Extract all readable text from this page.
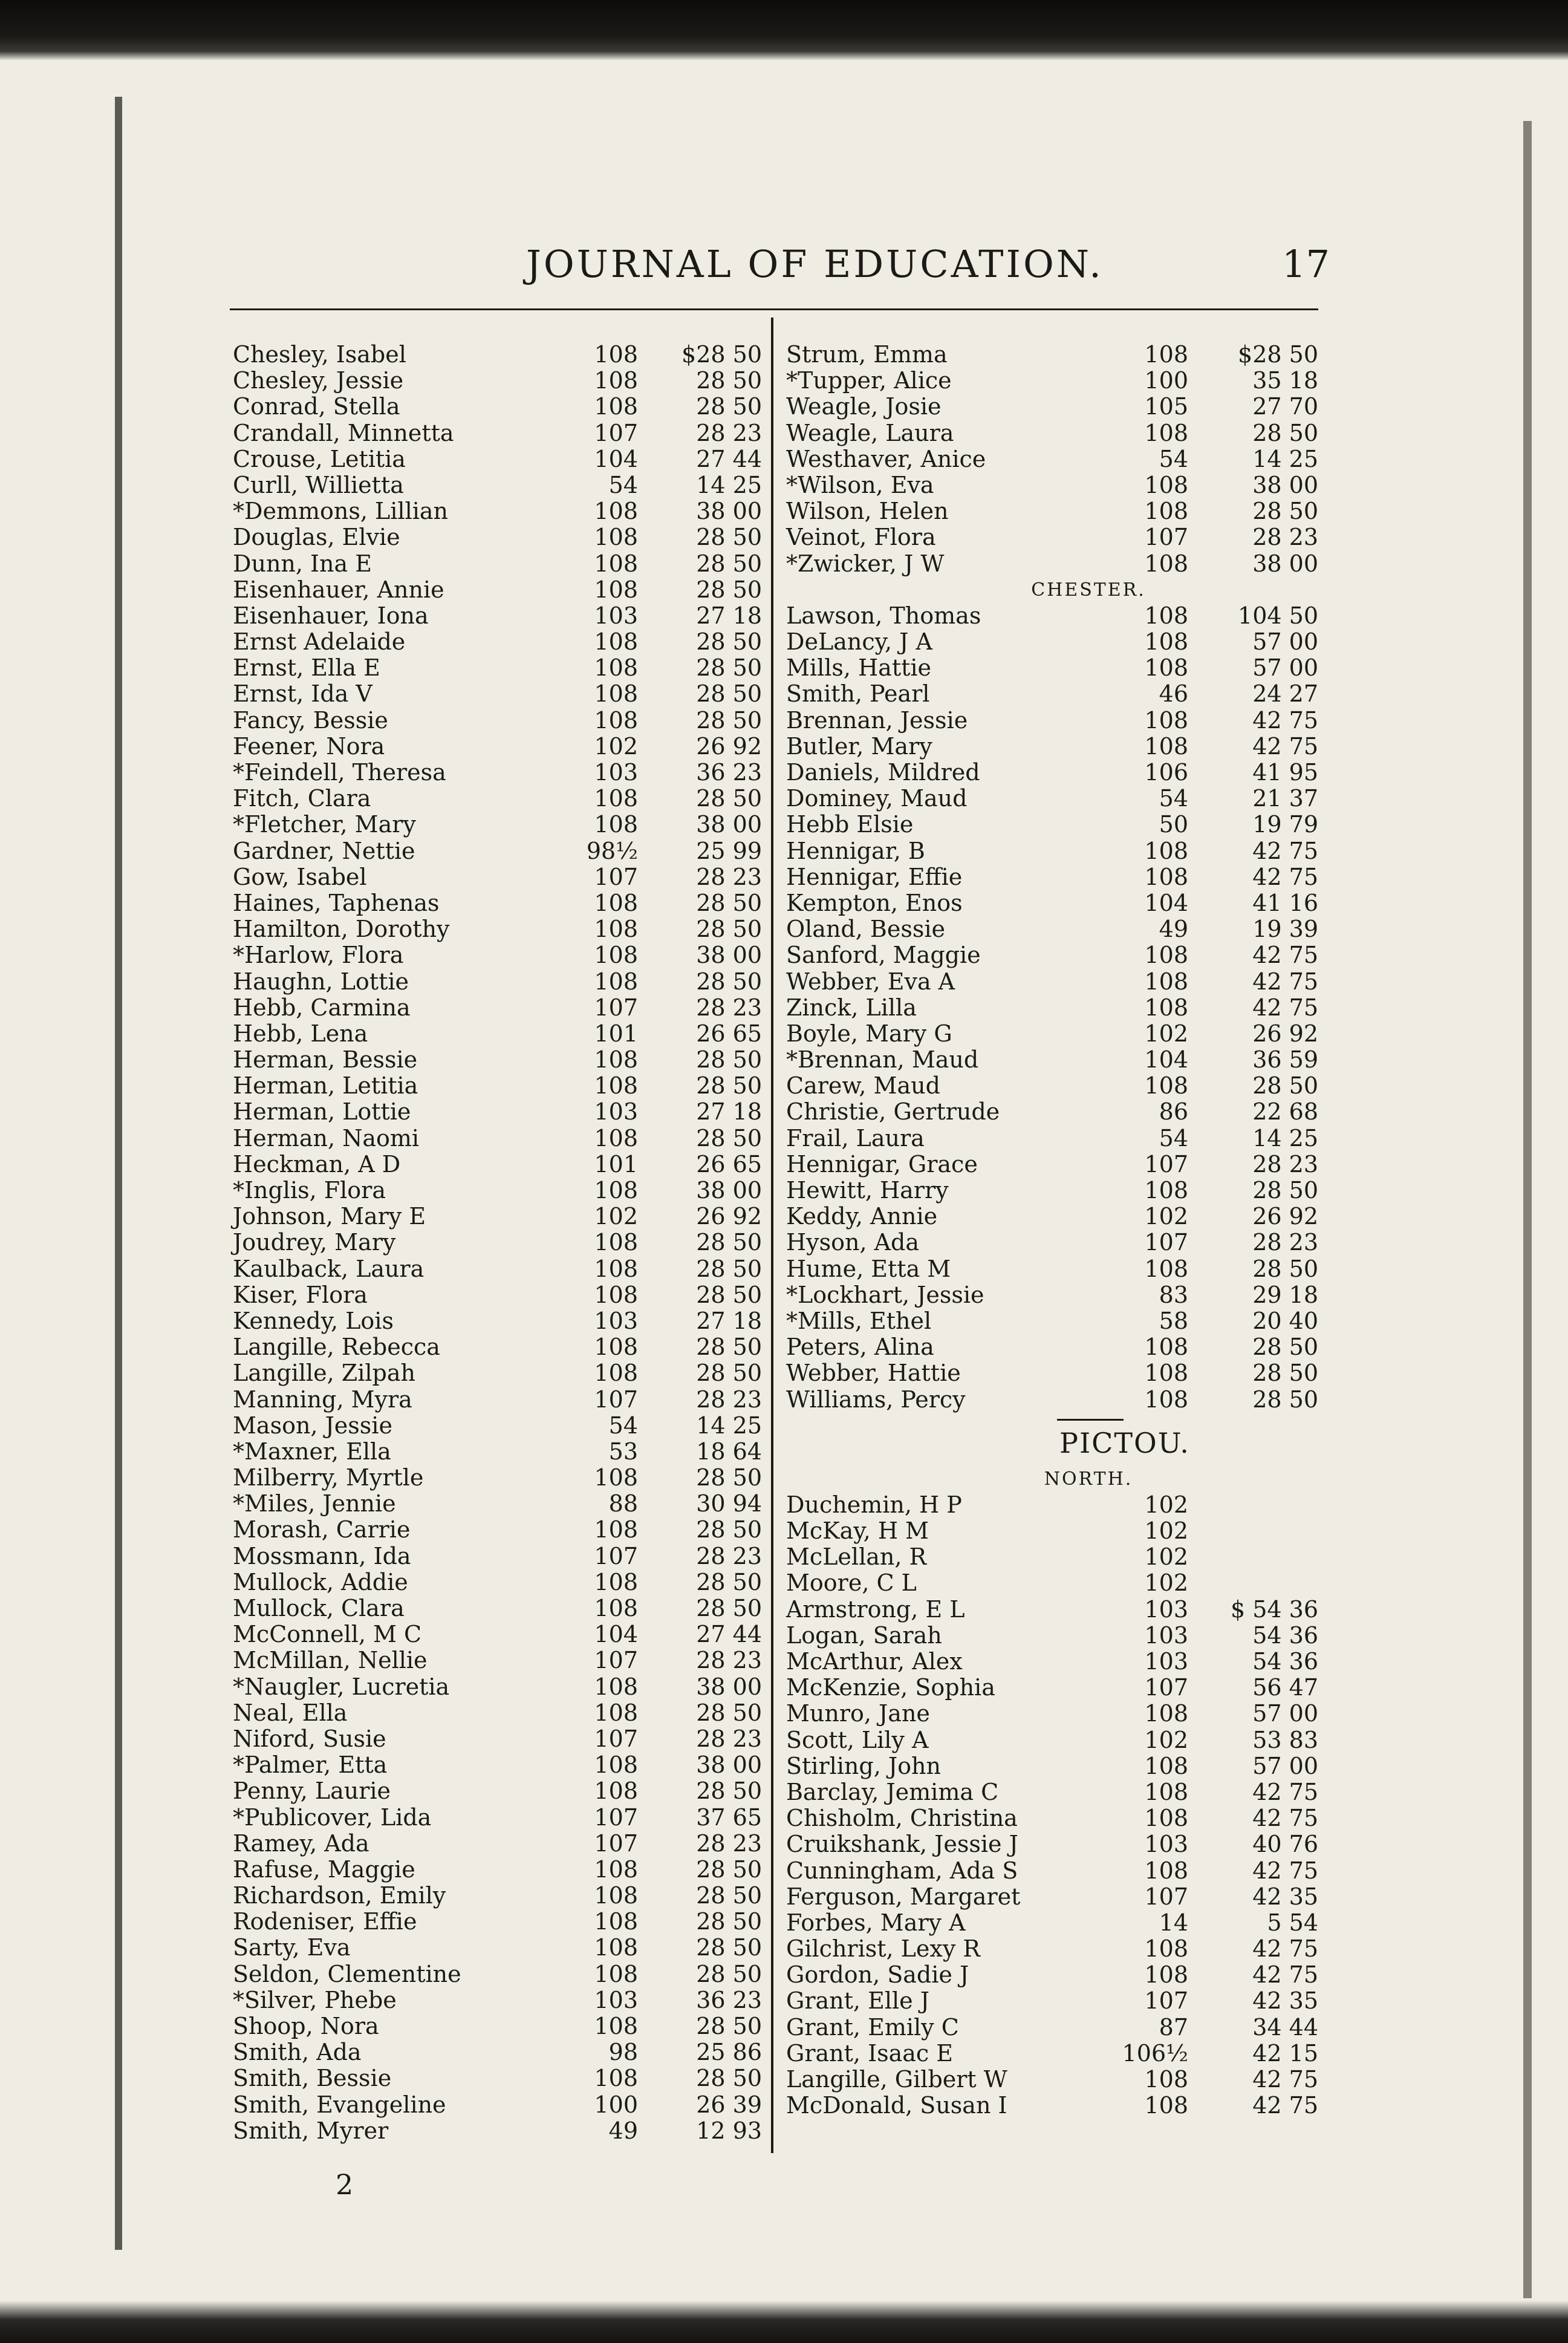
JOURNAL OF EDUCATION.	17
Chesley, Isabel	108	$28 50
Chesley, Jessie	108	28 50
Conrad, Stella	108	28 50
Crandall, Minnetta	107	28 23
Crouse, Letitia	104	27 44
Curll, Willietta	54	14 25
*Demmons, Lillian	108	38 00
Douglas, Elvie	108	28 50
Dunn, Ina E	108	28 50
Eisenhauer, Annie	108	28 50
Eisenhauer, Iona	103	27 18
Ernst Adelaide	108	28 50
Ernst, Ella E	108	28 50
Ernst, Ida V	108	28 50
Fancy, Bessie	108	28 50
Feener, Nora	102	26 92
*Feindell, Theresa	103	36 23
Fitch, Clara	108	28 50
*Fletcher, Mary	108	38 00
Gardner, Nettie	98½	25 99
Gow, Isabel	107	28 23
Haines, Taphenas	108	28 50
Hamilton, Dorothy	108	28 50
*Harlow, Flora	108	38 00
Haughn, Lottie	108	28 50
Hebb, Carmina	107	28 23
Hebb, Lena	101	26 65
Herman, Bessie	108	28 50
Herman, Letitia	108	28 50
Herman, Lottie	103	27 18
Herman, Naomi	108	28 50
Heckman, A D	101	26 65
*Inglis, Flora	108	38 00
Johnson, Mary E	102	26 92
Joudrey, Mary	108	28 50
Kaulback, Laura	108	28 50
Kiser, Flora	108	28 50
Kennedy, Lois	103	27 18
Langille, Rebecca	108	28 50
Langille, Zilpah	108	28 50
Manning, Myra	107	28 23
Mason, Jessie	54	14 25
*Maxner, Ella	53	18 64
Milberry, Myrtle	108	28 50
*Miles, Jennie	88	30 94
Morash, Carrie	108	28 50
Mossmann, Ida	107	28 23
Mullock, Addie	108	28 50
Mullock, Clara	108	28 50
McConnell, M C	104	27 44
McMillan, Nellie	107	28 23
*Naugler, Lucretia	108	38 00
Neal, Ella	108	28 50
Niford, Susie	107	28 23
*Palmer, Etta	108	38 00
Penny, Laurie	108	28 50
*Publicover, Lida	107	37 65
Ramey, Ada	107	28 23
Rafuse, Maggie	108	28 50
Richardson, Emily	108	28 50
Rodeniser, Effie	108	28 50
Sarty, Eva	108	28 50
Seldon, Clementine	108	28 50
*Silver, Phebe	103	36 23
Shoop, Nora	108	28 50
Smith, Ada	98	25 86
Smith, Bessie	108	28 50
Smith, Evangeline	100	26 39
Smith, Myrer	49	12 93
Strum, Emma	108	$28 50
*Tupper, Alice	100	35 18
Weagle, Josie	105	27 70
Weagle, Laura	108	28 50
Westhaver, Anice	54	14 25
*Wilson, Eva	108	38 00
Wilson, Helen	108	28 50
Veinot, Flora	107	28 23
*Zwicker, J W	108	38 00
CHESTER.
Lawson, Thomas	108	104 50
DeLancy, J A	108	57 00
Mills, Hattie	108	57 00
Smith, Pearl	46	24 27
Brennan, Jessie	108	42 75
Butler, Mary	108	42 75
Daniels, Mildred	106	41 95
Dominey, Maud	54	21 37
Hebb Elsie	50	19 79
Hennigar, B	108	42 75
Hennigar, Effie	108	42 75
Kempton, Enos	104	41 16
Oland, Bessie	49	19 39
Sanford, Maggie	108	42 75
Webber, Eva A	108	42 75
Zinck, Lilla	108	42 75
Boyle, Mary G	102	26 92
*Brennan, Maud	104	36 59
Carew, Maud	108	28 50
Christie, Gertrude	86	22 68
Frail, Laura	54	14 25
Hennigar, Grace	107	28 23
Hewitt, Harry	108	28 50
Keddy, Annie	102	26 92
Hyson, Ada	107	28 23
Hume, Etta M	108	28 50
*Lockhart, Jessie	83	29 18
*Mills, Ethel	58	20 40
Peters, Alina	108	28 50
Webber, Hattie	108	28 50
Williams, Percy	108	28 50
PICTOU.
NORTH.
Duchemin, H P	102
McKay, H M	102
McLellan, R	102
Moore, C L	102
Armstrong, E L	103	$ 54 36
Logan, Sarah	103	54 36
McArthur, Alex	103	54 36
McKenzie, Sophia	107	56 47
Munro, Jane	108	57 00
Scott, Lily A	102	53 83
Stirling, John	108	57 00
Barclay, Jemima C	108	42 75
Chisholm, Christina	108	42 75
Cruikshank, Jessie J	103	40 76
Cunningham, Ada S	108	42 75
Ferguson, Margaret	107	42 35
Forbes, Mary A	14	5 54
Gilchrist, Lexy R	108	42 75
Gordon, Sadie J	108	42 75
Grant, Elle J	107	42 35
Grant, Emily C	87	34 44
Grant, Isaac E	106½	42 15
Langille, Gilbert W	108	42 75
McDonald, Susan I	108	42 75
2
